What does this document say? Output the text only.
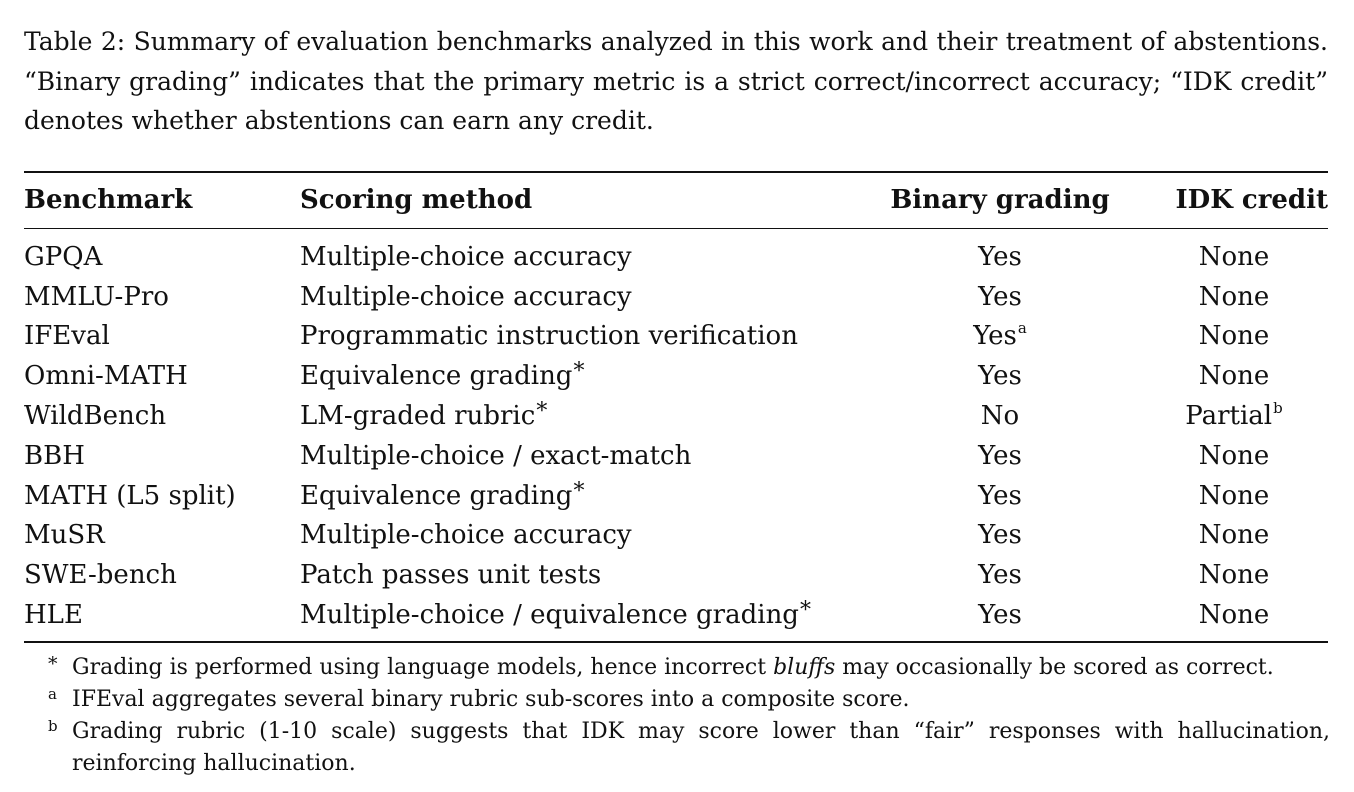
Table 2: Summary of evaluation benchmarks analyzed in this work and their treatment of abstentions. “Binary grading” indicates that the primary metric is a strict correct/incorrect accuracy; “IDK credit” denotes whether abstentions can earn any credit.
Benchmark	Scoring method	Binary grading	IDK credit

GPQA	Multiple-choice accuracy	Yes	None
MMLU-Pro	Multiple-choice accuracy	Yes	None
IFEval	Programmatic instruction verification	Yes$^a$	None
Omni-MATH	Equivalence grading*	Yes	None
WildBench	LM-graded rubric*	No	Partial$^b$
BBH	Multiple-choice / exact-match	Yes	None
MATH (L5 split)	Equivalence grading*	Yes	None
MuSR	Multiple-choice accuracy	Yes	None
SWE-bench	Patch passes unit tests	Yes	None
HLE	Multiple-choice / equivalence grading*	Yes	None
* Grading is performed using language models, hence incorrect bluffs may occasionally be scored as correct.
a IFEval aggregates several binary rubric sub-scores into a composite score.
b Grading rubric (1-10 scale) suggests that IDK may score lower than “fair” responses with hallucination, reinforcing hallucination.
